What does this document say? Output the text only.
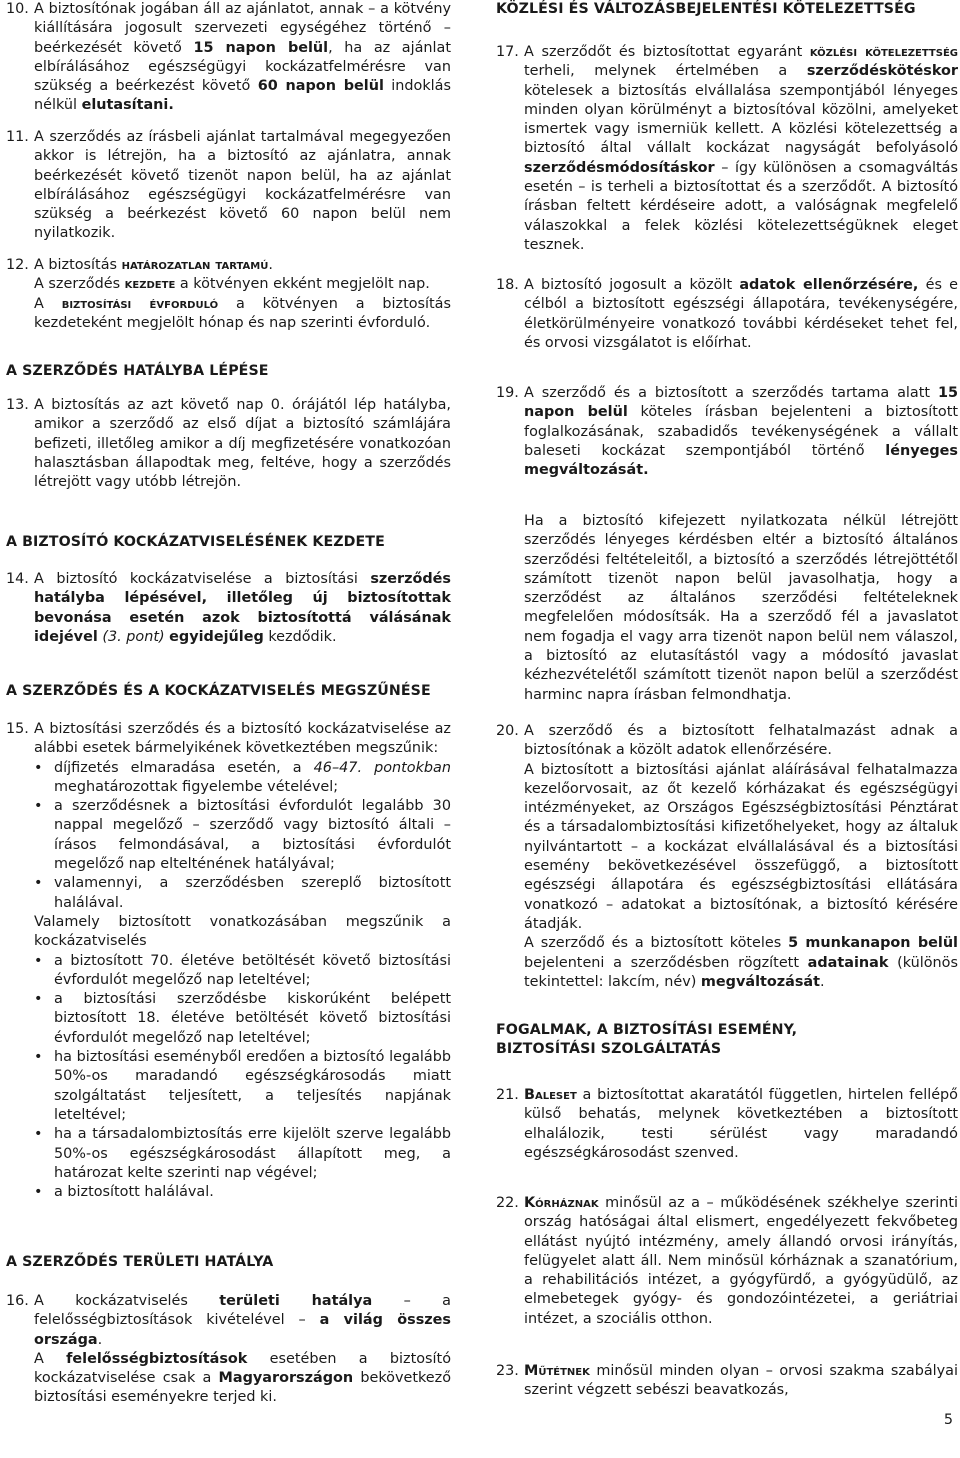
10. A biztosítónak jogában áll az ajánlatot, annak – a kötvény kiállítására jogosult szervezeti egységéhez történő – beérkezését követő 15 napon belül, ha az ajánlat elbírálásához egészségügyi kockázatfelmérésre van szükség a beérkezést követő 60 napon belül indoklás nélkül elutasítani.
11. A szerződés az írásbeli ajánlat tartalmával megegyezően akkor is létrejön, ha a biztosító az ajánlatra, annak beérkezését követő tizenöt napon belül, ha az ajánlat elbírálásához egészségügyi kockázatfelmérésre van szükség a beérkezést követő 60 napon belül nem nyilatkozik.
12. A biztosítás határozatlan tartamú.
A szerződés kezdete a kötvényen ekként megjelölt nap.
A biztosítási évforduló a kötvényen a biztosítás kezdeteként megjelölt hónap és nap szerinti évforduló.
A SZERZŐDÉS HATÁLYBA LÉPÉSE
13. A biztosítás az azt követő nap 0. órájától lép hatályba, amikor a szerződő az első díjat a biztosító számlájára befizeti, illetőleg amikor a díj megfizetésére vonatkozóan halasztásban állapodtak meg, feltéve, hogy a szerződés létrejött vagy utóbb létrejön.
A BIZTOSÍTÓ KOCKÁZATVISELÉSÉNEK KEZDETE
14. A biztosító kockázatviselése a biztosítási szerződés hatályba lépésével, illetőleg új biztosítottak bevonása esetén azok biztosítottá válásának idejével (3. pont) egyidejűleg kezdődik.
A SZERZŐDÉS ÉS A KOCKÁZATVISELÉS MEGSZŰNÉSE
15. A biztosítási szerződés és a biztosító kockázatviselése az alábbi esetek bármelyikének következtében megszűnik:
• díjfizetés elmaradása esetén, a 46–47. pontokban meghatározottak figyelembe vételével;
• a szerződésnek a biztosítási évfordulót legalább 30 nappal megelőző – szerződő vagy biztosító általi – írásos felmondásával, a biztosítási évfordulót megelőző nap eltelténének hatályával;
• valamennyi, a szerződésben szereplő biztosított halálával.
Valamely biztosított vonatkozásában megszűnik a kockázatviselés
• a biztosított 70. életéve betöltését követő biztosítási évfordulót megelőző nap leteltével;
• a biztosítási szerződésbe kiskorúként belépett biztosított 18. életéve betöltését követő biztosítási évfordulót megelőző nap leteltével;
• ha biztosítási eseményből eredően a biztosító legalább 50%-os maradandó egészségkárosodás miatt szolgáltatást teljesített, a teljesítés napjának leteltével;
• ha a társadalombiztosítás erre kijelölt szerve legalább 50%-os egészségkárosodást állapított meg, a határozat kelte szerinti nap végével;
• a biztosított halálával.
A SZERZŐDÉS TERÜLETI HATÁLYA
16. A kockázatviselés területi hatálya – a felelősségbiztosítások kivételével – a világ összes országa.
A felelősségbiztosítások esetében a biztosító kockázatviselése csak a Magyarországon bekövetkező biztosítási eseményekre terjed ki.
KÖZLÉSI ÉS VÁLTOZÁSBEJELENTÉSI KÖTELEZETTSÉG
17. A szerződőt és biztosítottat egyaránt közlési kötelezettség terheli, melynek értelmében a szerződéskötéskor kötelesek a biztosítás elvállalása szempontjából lényeges minden olyan körülményt a biztosítóval közölni, amelyeket ismertek vagy ismerniük kellett. A közlési kötelezettség a biztosító által vállalt kockázat nagyságát befolyásoló szerződésmódosításkor – így különösen a csomagváltás esetén – is terheli a biztosítottat és a szerződőt. A biztosító írásban feltett kérdéseire adott, a valóságnak megfelelő válaszokkal a felek közlési kötelezettségüknek eleget tesznek.
18. A biztosító jogosult a közölt adatok ellenőrzésére, és e célból a biztosított egészségi állapotára, tevékenységére, életkörülményeire vonatkozó további kérdéseket tehet fel, és orvosi vizsgálatot is előírhat.
19. A szerződő és a biztosított a szerződés tartama alatt 15 napon belül köteles írásban bejelenteni a biztosított foglalkozásának, szabadidős tevékenységének a vállalt baleseti kockázat szempontjából történő lényeges megváltozását.
Ha a biztosító kifejezett nyilatkozata nélkül létrejött szerződés lényeges kérdésben eltér a biztosító általános szerződési feltételeitől, a biztosító a szerződés létrejöttétől számított tizenöt napon belül javasolhatja, hogy a szerződést az általános szerződési feltételeknek megfelelően módosítsák. Ha a szerződő fél a javaslatot nem fogadja el vagy arra tizenöt napon belül nem válaszol, a biztosító az elutasítástól vagy a módosító javaslat kézhezvételétől számított tizenöt napon belül a szerződést harminc napra írásban felmondhatja.
20. A szerződő és a biztosított felhatalmazást adnak a biztosítónak a közölt adatok ellenőrzésére.
A biztosított a biztosítási ajánlat aláírásával felhatalmazza kezelőorvosait, az őt kezelő kórházakat és egészségügyi intézményeket, az Országos Egészségbiztosítási Pénztárat és a társadalombiztosítási kifizetőhelyeket, hogy az általuk nyilvántartott – a kockázat elvállalásával és a biztosítási esemény bekövetkezésével összefüggő, a biztosított egészségi állapotára és egészségbiztosítási ellátására vonatkozó – adatokat a biztosítónak, a biztosító kérésére átadják.
A szerződő és a biztosított köteles 5 munkanapon belül bejelenteni a szerződésben rögzített adatainak (különös tekintettel: lakcím, név) megváltozását.
FOGALMAK, A BIZTOSÍTÁSI ESEMÉNY,
BIZTOSÍTÁSI SZOLGÁLTATÁS
21. Baleset a biztosítottat akaratától független, hirtelen fellépő külső behatás, melynek következtében a biztosított elhalálozik, testi sérülést vagy maradandó egészségkárosodást szenved.
22. Kórháznak minősül az a – működésének székhelye szerinti ország hatóságai által elismert, engedélyezett fekvőbeteg ellátást nyújtó intézmény, amely állandó orvosi irányítás, felügyelet alatt áll. Nem minősül kórháznak a szanatórium, a rehabilitációs intézet, a gyógyfürdő, a gyógyüdülő, az elmebetegek gyógy- és gondozóintézetei, a geriátriai intézet, a szociális otthon.
23. Műtétnek minősül minden olyan – orvosi szakma szabályai szerint végzett sebészi beavatkozás,
5
